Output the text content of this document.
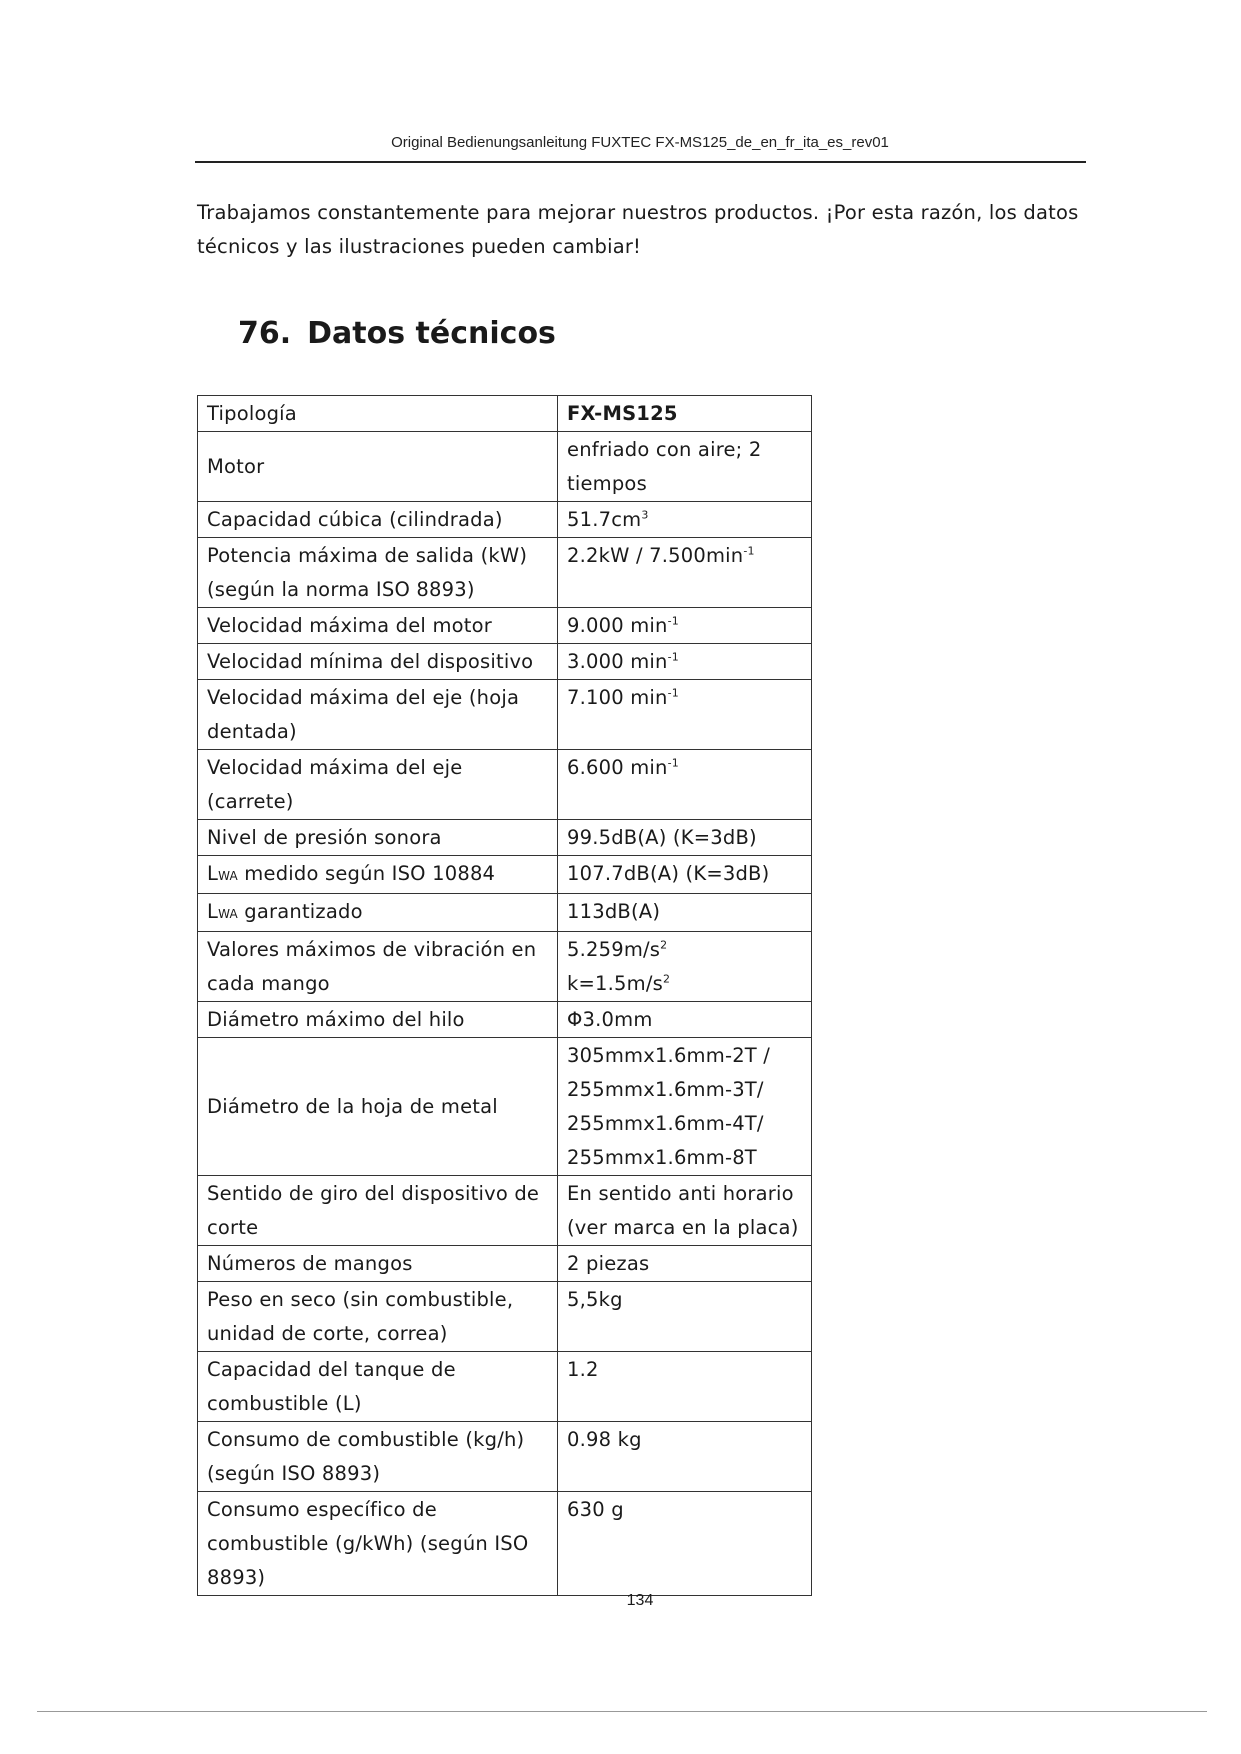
Original Bedienungsanleitung FUXTEC FX-MS125_de_en_fr_ita_es_rev01
Trabajamos constantemente para mejorar nuestros productos. ¡Por esta razón, los datos
técnicos y las ilustraciones pueden cambiar!
76. Datos técnicos
Tipología	FX-MS125
Motor	enfriado con aire; 2 tiempos
Capacidad cúbica (cilindrada)	$51.7cm^3$
Potencia máxima de salida (kW) (según la norma ISO 8893)	$2.2kW / 7.500\min^{-1}$
Velocidad máxima del motor	9.000 $\min^{-1}$
Velocidad mínima del dispositivo	3.000 $\min^{-1}$
Velocidad máxima del eje (hoja dentada)	7.100 $\min^{-1}$
Velocidad máxima del eje (carrete)	6.600 $\min^{-1}$
Nivel de presión sonora	99.5dB(A) (K=3dB)
LWA medido según ISO 10884	107.7dB(A) (K=3dB)
LWA garantizado	113dB(A)
Valores máximos de vibración en cada mango	$5.259m/s^2$
$k=1.5m/s^2$

Diámetro máximo del hilo	Φ3.0mm
Diámetro de la hoja de metal	305mmx1.6mm-2T /
255mmx1.6mm-3T/
255mmx1.6mm-4T/
255mmx1.6mm-8T

Sentido de giro del dispositivo de corte	En sentido anti horario (ver marca en la placa)
Números de mangos	2 piezas
Peso en seco (sin combustible, unidad de corte, correa)	5,5kg
Capacidad del tanque de combustible (L)	1.2
Consumo de combustible (kg/h) (según ISO 8893)	0.98 kg
Consumo específico de combustible (g/kWh) (según ISO 8893)	630 g
134
